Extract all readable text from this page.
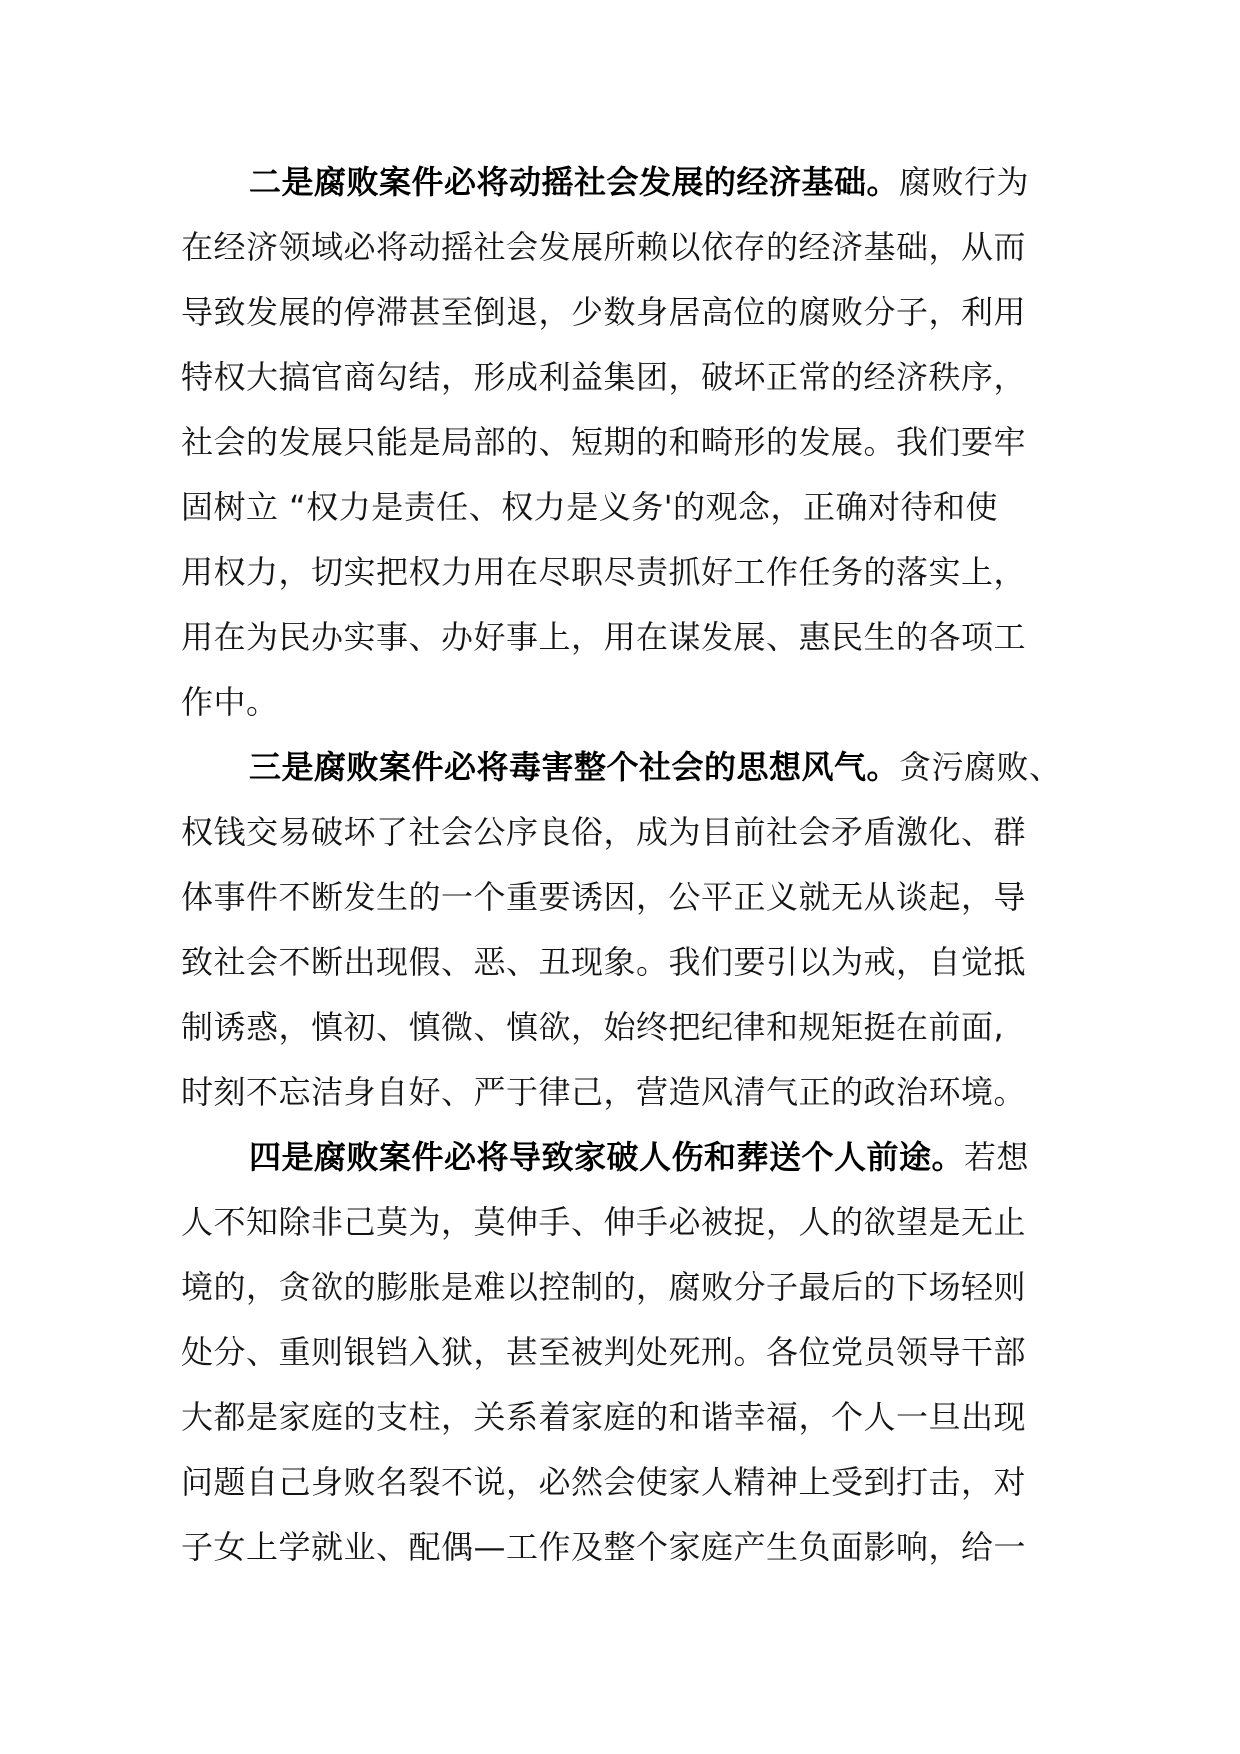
二是腐败案件必将动摇社会发展的经济基础。腐败行为
在经济领域必将动摇社会发展所赖以依存的经济基础，从而
导致发展的停滞甚至倒退，少数身居高位的腐败分子，利用
特权大搞官商勾结，形成利益集团，破坏正常的经济秩序，
社会的发展只能是局部的、短期的和畸形的发展。我们要牢
固树立 “权力是责任、权力是义务'的观念，正确对待和使
用权力，切实把权力用在尽职尽责抓好工作任务的落实上，
用在为民办实事、办好事上，用在谋发展、惠民生的各项工
作中。
三是腐败案件必将毒害整个社会的思想风气。贪污腐败、
权钱交易破坏了社会公序良俗，成为目前社会矛盾激化、群
体事件不断发生的一个重要诱因，公平正义就无从谈起，导
致社会不断出现假、恶、丑现象。我们要引以为戒，自觉抵
制诱惑，慎初、慎微、慎欲，始终把纪律和规矩挺在前面,
时刻不忘洁身自好、严于律己，营造风清气正的政治环境。
四是腐败案件必将导致家破人伤和葬送个人前途。若想
人不知除非己莫为，莫伸手、伸手必被捉，人的欲望是无止
境的，贪欲的膨胀是难以控制的，腐败分子最后的下场轻则
处分、重则银铛入狱，甚至被判处死刑。各位党员领导干部
大都是家庭的支柱，关系着家庭的和谐幸福，个人一旦出现
问题自己身败名裂不说，必然会使家人精神上受到打击，对
子女上学就业、配偶—工作及整个家庭产生负面影响，给一
